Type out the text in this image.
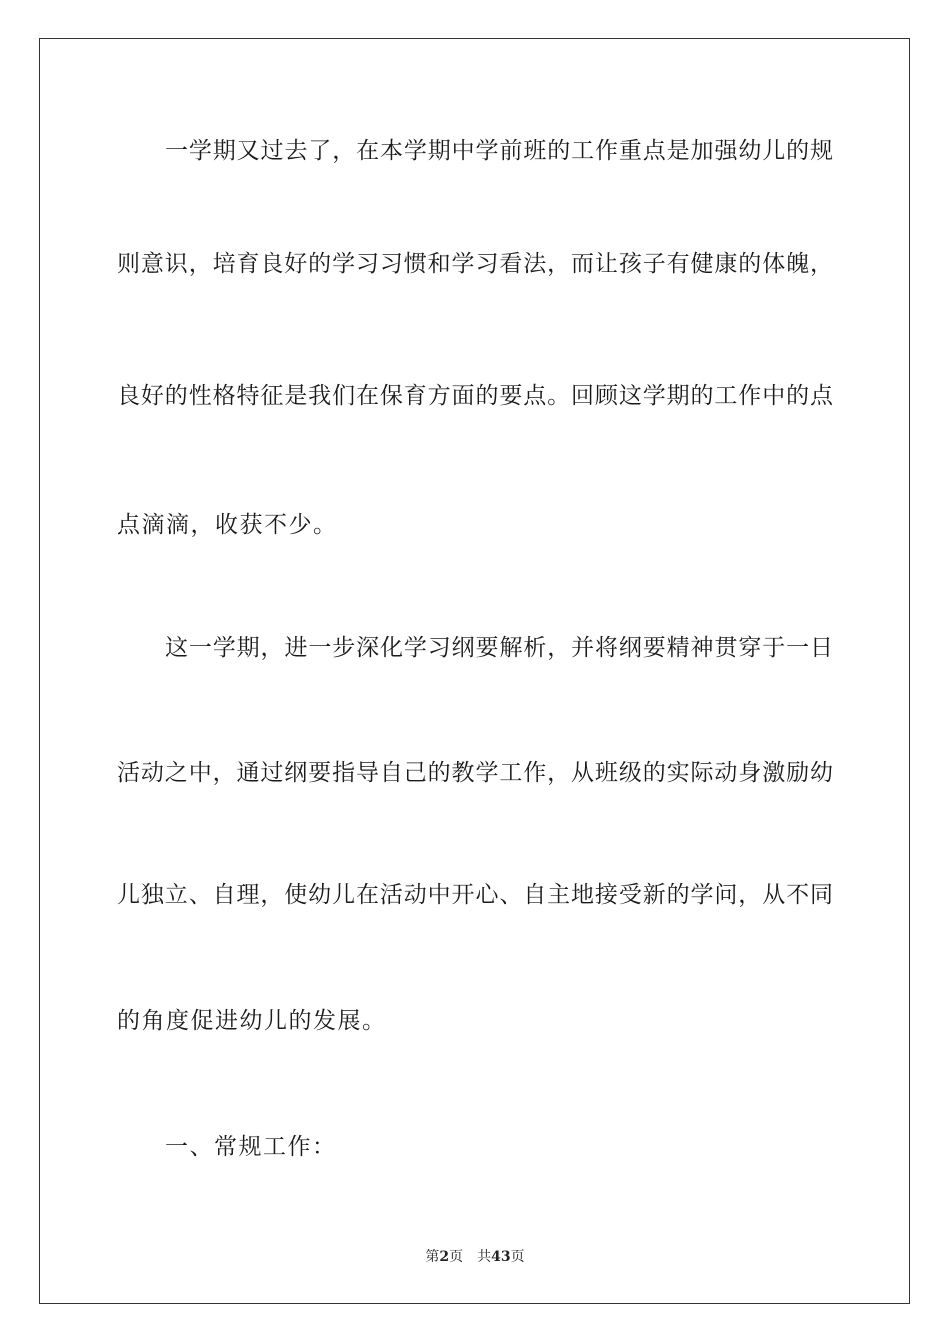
一学期又过去了，在本学期中学前班的工作重点是加强幼儿的规
则意识，培育良好的学习习惯和学习看法，而让孩子有健康的体魄，
良好的性格特征是我们在保育方面的要点。回顾这学期的工作中的点
点滴滴，收获不少。
这一学期，进一步深化学习纲要解析，并将纲要精神贯穿于一日
活动之中，通过纲要指导自己的教学工作，从班级的实际动身激励幼
儿独立、自理，使幼儿在活动中开心、自主地接受新的学问，从不同
的角度促进幼儿的发展。
一、常规工作：
第2页 共43页
